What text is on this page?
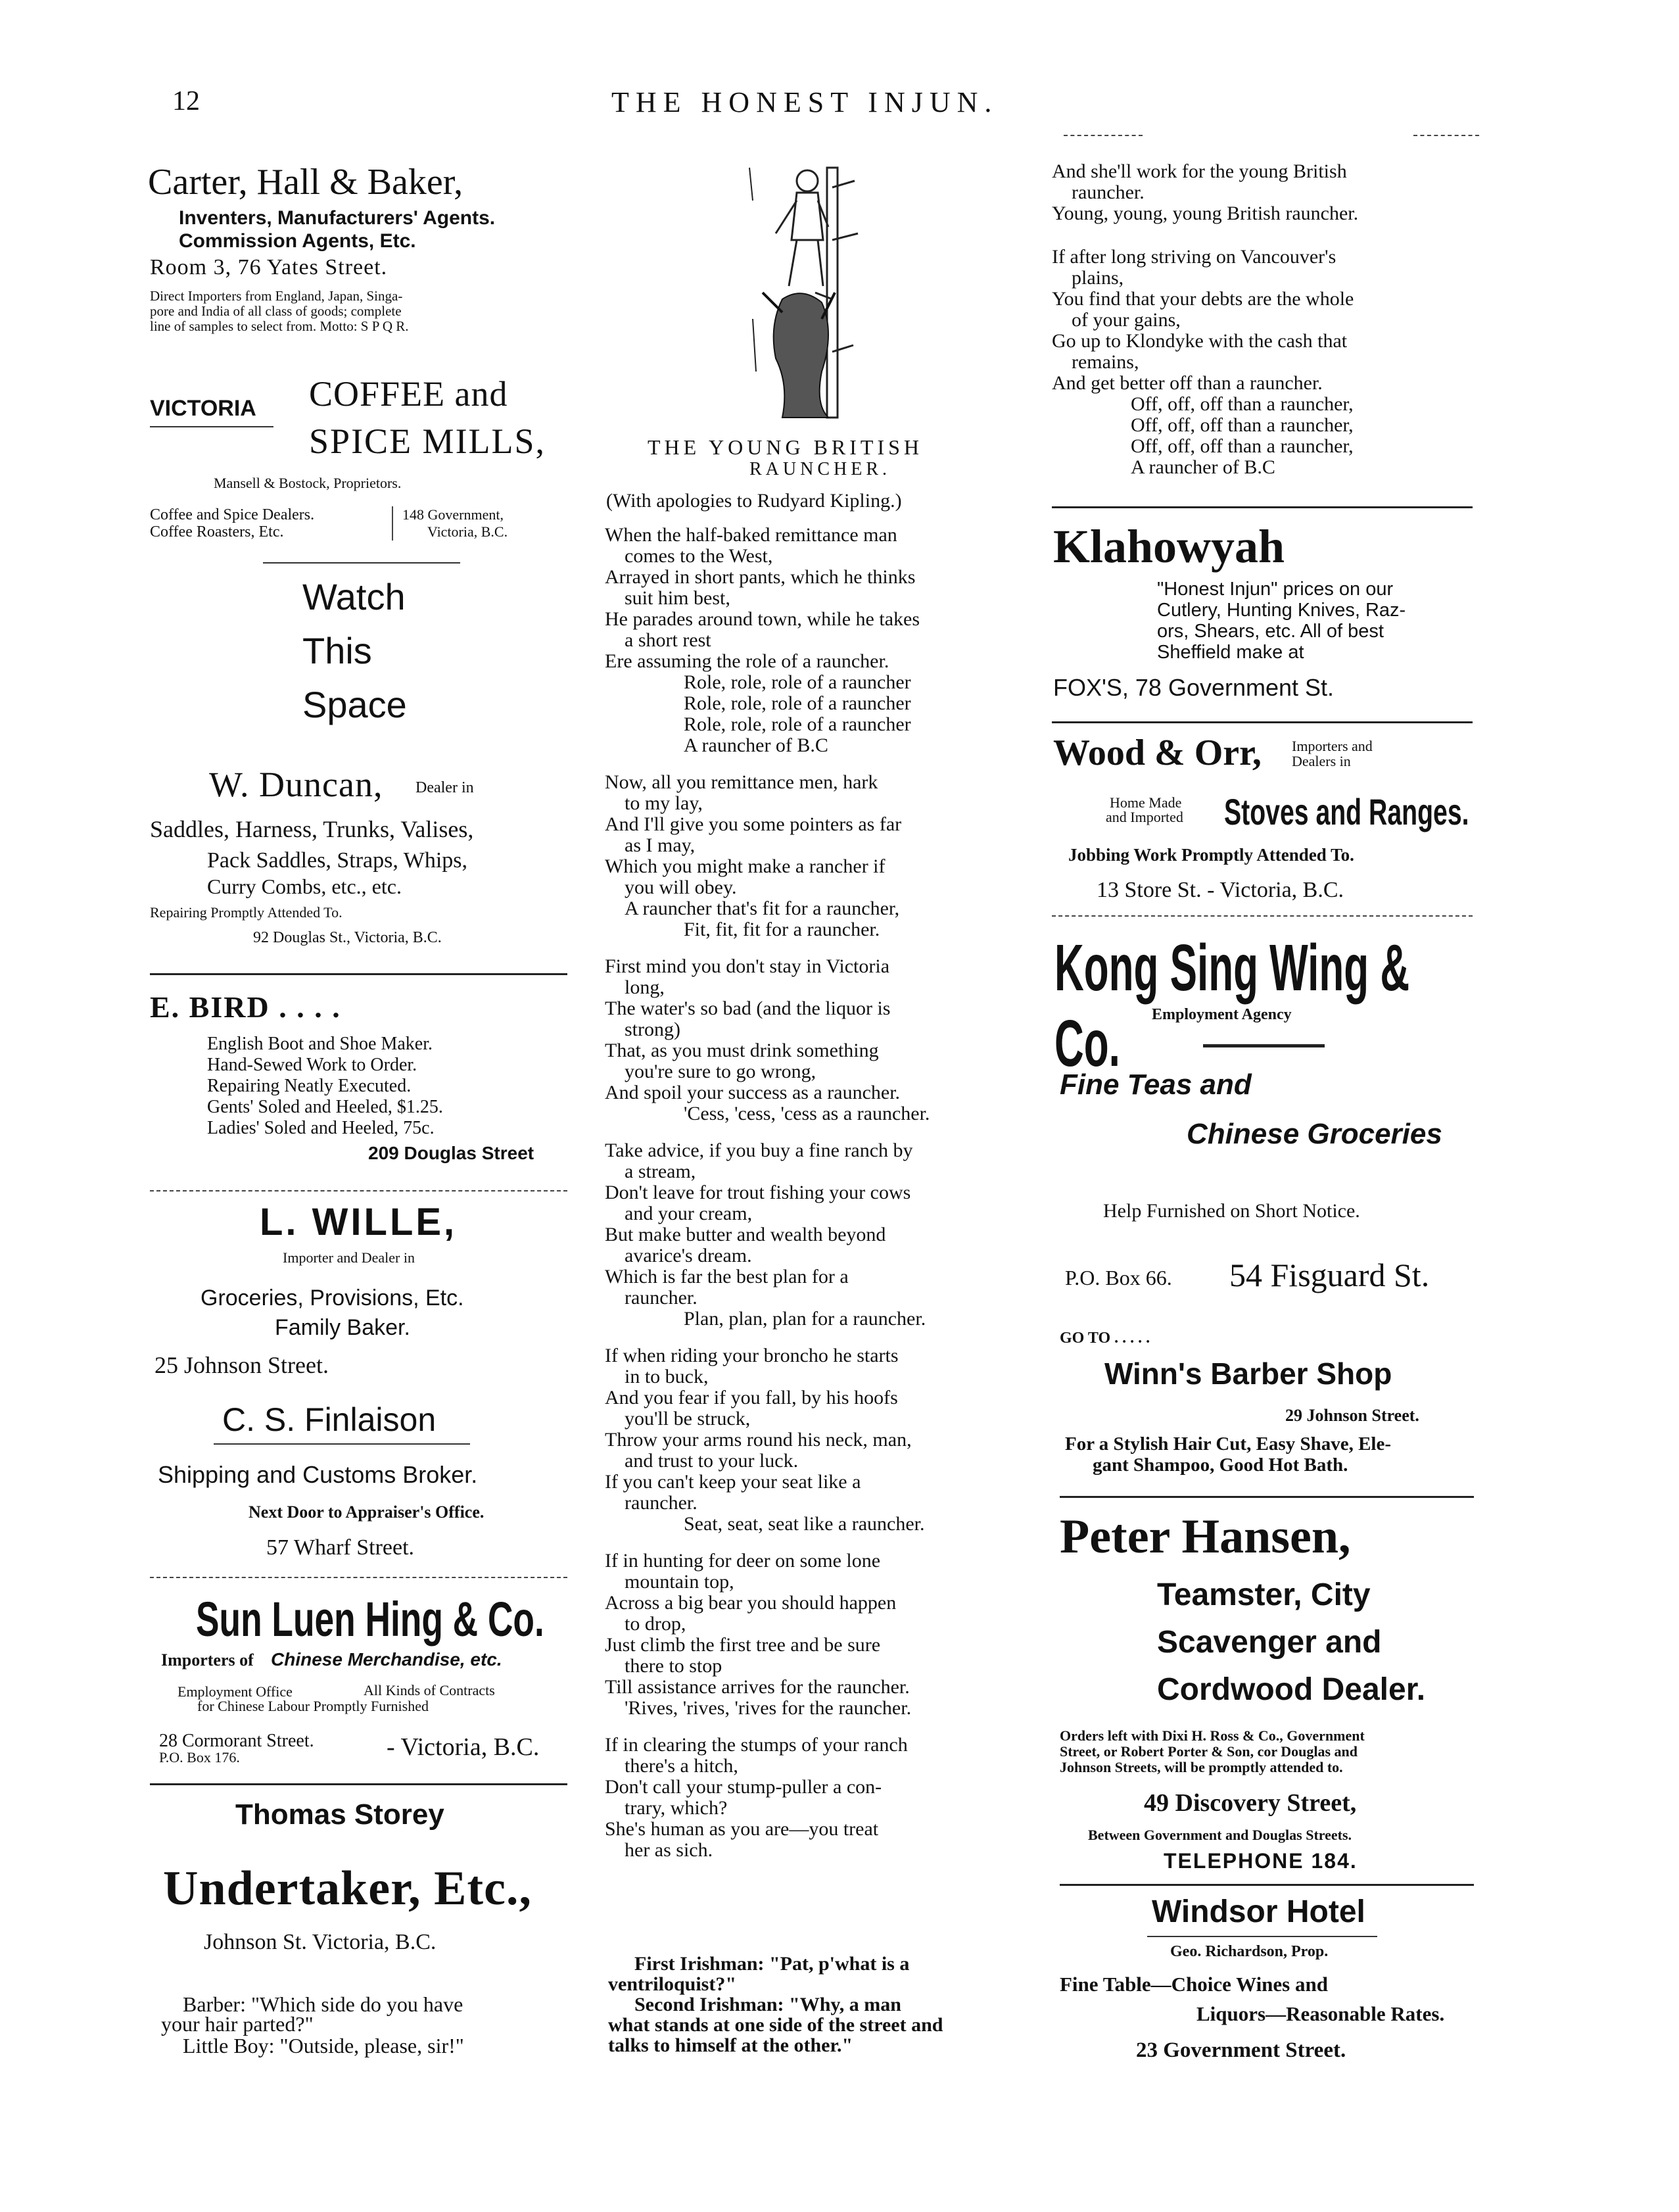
12	THE HONEST INJUN.
Carter, Hall & Baker,
Inventers, Manufacturers' Agents.
Commission Agents, Etc.
Room 3, 76 Yates Street.
Direct Importers from England, Japan, Singa-
pore and India of all class of goods; complete
line of samples to select from. Motto: S P Q R.
VICTORIA COFFEE and
SPICE MILLS,
Mansell & Bostock, Proprietors.
Coffee and Spice Dealers.
Coffee Roasters, Etc.
148 Government,
Victoria, B.C.
Watch
This
Space
W. Duncan, Dealer in
Saddles, Harness, Trunks, Valises,
Pack Saddles, Straps, Whips,
Curry Combs, etc., etc.
Repairing Promptly Attended To.
92 Douglas St., Victoria, B.C.
E. BIRD . . . .
English Boot and Shoe Maker.
Hand-Sewed Work to Order.
Repairing Neatly Executed.
Gents' Soled and Heeled, $1.25.
Ladies' Soled and Heeled, 75c.
209 Douglas Street
L. WILLE,
Importer and Dealer in
Groceries, Provisions, Etc.
Family Baker.
25 Johnson Street.
C. S. Finlaison
Shipping and Customs Broker.
Next Door to Appraiser's Office.
57 Wharf Street.
Sun Luen Hing & Co.
Importers of Chinese Merchandise, etc.
Employment Office	All Kinds of Contracts
for Chinese Labour Promptly Furnished
28 Cormorant Street.
P.O. Box 176.	- Victoria, B.C.
Thomas Storey
Undertaker, Etc.,
Johnson St. Victoria, B.C.
Barber: "Which side do you have
your hair parted?"
Little Boy: "Outside, please, sir!"
THE YOUNG BRITISH
RAUNCHER.
(With apologies to Rudyard Kipling.)
When the half-baked remittance man
comes to the West,
Arrayed in short pants, which he thinks
suit him best,
He parades around town, while he takes
a short rest
Ere assuming the role of a rauncher.
Role, role, role of a rauncher
Role, role, role of a rauncher
Role, role, role of a rauncher
A rauncher of B.C
Now, all you remittance men, hark
to my lay,
And I'll give you some pointers as far
as I may,
Which you might make a rancher if
you will obey.
A rauncher that's fit for a rauncher,
Fit, fit, fit for a rauncher.
First mind you don't stay in Victoria
long,
The water's so bad (and the liquor is
strong)
That, as you must drink something
you're sure to go wrong,
And spoil your success as a rauncher.
'Cess, 'cess, 'cess as a rauncher.
Take advice, if you buy a fine ranch by
a stream,
Don't leave for trout fishing your cows
and your cream,
But make butter and wealth beyond
avarice's dream.
Which is far the best plan for a
rauncher.
Plan, plan, plan for a rauncher.
If when riding your broncho he starts
in to buck,
And you fear if you fall, by his hoofs
you'll be struck,
Throw your arms round his neck, man,
and trust to your luck.
If you can't keep your seat like a
rauncher.
Seat, seat, seat like a rauncher.
If in hunting for deer on some lone
mountain top,
Across a big bear you should happen
to drop,
Just climb the first tree and be sure
there to stop
Till assistance arrives for the rauncher.
'Rives, 'rives, 'rives for the rauncher.
If in clearing the stumps of your ranch
there's a hitch,
Don't call your stump-puller a con-
trary, which?
She's human as you are—you treat
her as sich.
First Irishman: "Pat, p'what is a
ventriloquist?"
Second Irishman: "Why, a man
what stands at one side of the street and
talks to himself at the other."
And she'll work for the young British
rauncher.
Young, young, young British rauncher.
If after long striving on Vancouver's
plains,
You find that your debts are the whole
of your gains,
Go up to Klondyke with the cash that
remains,
And get better off than a rauncher.
Off, off, off than a rauncher,
Off, off, off than a rauncher,
Off, off, off than a rauncher,
A rauncher of B.C
Klahowyah
"Honest Injun" prices on our
Cutlery, Hunting Knives, Raz-
ors, Shears, etc. All of best
Sheffield make at
FOX'S, 78 Government St.
Wood & Orr, Importers and
Dealers in
Home Made
and Imported Stoves and Ranges.
Jobbing Work Promptly Attended To.
13 Store St. - Victoria, B.C.
Kong Sing Wing & Co.	Employment Agency
Fine Teas and
Chinese Groceries
Help Furnished on Short Notice.
P.O. Box 66. 54 Fisguard St.
GO TO . . . . .
Winn's Barber Shop
29 Johnson Street.
For a Stylish Hair Cut, Easy Shave, Ele-
gant Shampoo, Good Hot Bath.
Peter Hansen,
Teamster, City
Scavenger and
Cordwood Dealer.
Orders left with Dixi H. Ross & Co., Government
Street, or Robert Porter & Son, cor Douglas and
Johnson Streets, will be promptly attended to.
49 Discovery Street,
Between Government and Douglas Streets.
TELEPHONE 184.
Windsor Hotel
Geo. Richardson, Prop.
Fine Table—Choice Wines and
Liquors—Reasonable Rates.
23 Government Street.
